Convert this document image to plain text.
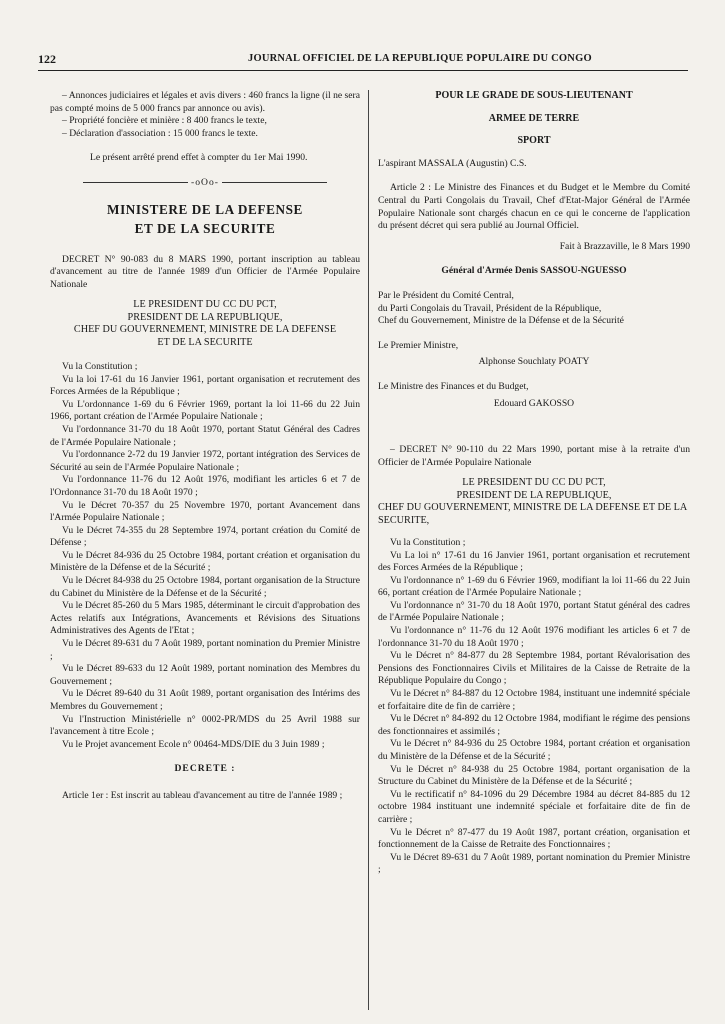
122	JOURNAL OFFICIEL DE LA REPUBLIQUE POPULAIRE DU CONGO

– Annonces judiciaires et légales et avis divers : 460 francs la ligne (il ne sera pas compté moins de 5 000 francs par annonce ou avis).

– Propriété foncière et minière : 8 400 francs le texte,

– Déclaration d'association : 15 000 francs le texte.

Le présent arrêté prend effet à compter du 1er Mai 1990.

-oOo-
MINISTERE DE LA DEFENSE
ET DE LA SECURITE

DECRET N° 90-083 du 8 MARS 1990, portant inscription au tableau d'avancement au titre de l'année 1989 d'un Officier de l'Armée Populaire Nationale

LE PRESIDENT DU CC DU PCT,
PRESIDENT DE LA REPUBLIQUE,
CHEF DU GOUVERNEMENT, MINISTRE DE LA DEFENSE
ET DE LA SECURITE

Vu la Constitution ;

Vu la loi 17-61 du 16 Janvier 1961, portant organisation et recrutement des Forces Armées de la République ;

Vu L'ordonnance 1-69 du 6 Février 1969, portant la loi 11-66 du 22 Juin 1966, portant création de l'Armée Populaire Nationale ;

Vu l'ordonnance 31-70 du 18 Août 1970, portant Statut Général des Cadres de l'Armée Populaire Nationale ;

Vu l'ordonnance 2-72 du 19 Janvier 1972, portant intégration des Services de Sécurité au sein de l'Armée Populaire Nationale ;

Vu l'ordonnance 11-76 du 12 Août 1976, modifiant les articles 6 et 7 de l'Ordonnance 31-70 du 18 Août 1970 ;

Vu le Décret 70-357 du 25 Novembre 1970, portant Avancement dans l'Armée Populaire Nationale ;

Vu le Décret 74-355 du 28 Septembre 1974, portant création du Comité de Défense ;

Vu le Décret 84-936 du 25 Octobre 1984, portant création et organisation du Ministère de la Défense et de la Sécurité ;

Vu le Décret 84-938 du 25 Octobre 1984, portant organisation de la Structure du Cabinet du Ministère de la Défense et de la Sécurité ;

Vu le Décret 85-260 du 5 Mars 1985, déterminant le circuit d'approbation des Actes relatifs aux Intégrations, Avancements et Révisions des Situations Administratives des Agents de l'Etat ;

Vu le Décret 89-631 du 7 Août 1989, portant nomination du Premier Ministre ;

Vu le Décret 89-633 du 12 Août 1989, portant nomination des Membres du Gouvernement ;

Vu le Décret 89-640 du 31 Août 1989, portant organisation des Intérims des Membres du Gouvernement ;

Vu l'Instruction Ministérielle n° 0002-PR/MDS du 25 Avril 1988 sur l'avancement à titre Ecole ;

Vu le Projet avancement Ecole n° 00464-MDS/DIE du 3 Juin 1989 ;

DECRETE :

Article 1er : Est inscrit au tableau d'avancement au titre de l'année 1989 ;

POUR LE GRADE DE SOUS-LIEUTENANT
ARMEE DE TERRE
SPORT

L'aspirant MASSALA (Augustin) C.S.

Article 2 : Le Ministre des Finances et du Budget et le Membre du Comité Central du Parti Congolais du Travail, Chef d'Etat-Major Général de l'Armée Populaire Nationale sont chargés chacun en ce qui le concerne de l'application du présent décret qui sera publié au Journal Officiel.

Fait à Brazzaville, le 8 Mars 1990

Général d'Armée Denis SASSOU-NGUESSO

Par le Président du Comité Central,

du Parti Congolais du Travail, Président de la République,

Chef du Gouvernement, Ministre de la Défense et de la Sécurité

Le Premier Ministre,

Alphonse Souchlaty POATY

Le Ministre des Finances et du Budget,

Edouard GAKOSSO

– DECRET N° 90-110 du 22 Mars 1990, portant mise à la retraite d'un Officier de l'Armée Populaire Nationale

LE PRESIDENT DU CC DU PCT,
PRESIDENT DE LA REPUBLIQUE,
CHEF DU GOUVERNEMENT, MINISTRE DE LA DEFENSE ET DE LA SECURITE,

Vu la Constitution ;

Vu La loi n° 17-61 du 16 Janvier 1961, portant organisation et recrutement des Forces Armées de la République ;

Vu l'ordonnance n° 1-69 du 6 Février 1969, modifiant la loi 11-66 du 22 Juin 66, portant création de l'Armée Populaire Nationale ;

Vu l'ordonnance n° 31-70 du 18 Août 1970, portant Statut général des cadres de l'Armée Populaire Nationale ;

Vu l'ordonnance n° 11-76 du 12 Août 1976 modifiant les articles 6 et 7 de l'ordonnance 31-70 du 18 Août 1970 ;

Vu le Décret n° 84-877 du 28 Septembre 1984, portant Révalorisation des Pensions des Fonctionnaires Civils et Militaires de la Caisse de Retraite de la République Populaire du Congo ;

Vu le Décret n° 84-887 du 12 Octobre 1984, instituant une indemnité spéciale et forfaitaire dite de fin de carrière ;

Vu le Décret n° 84-892 du 12 Octobre 1984, modifiant le régime des pensions des fonctionnaires et assimilés ;

Vu le Décret n° 84-936 du 25 Octobre 1984, portant création et organisation du Ministère de la Défense et de la Sécurité ;

Vu le Décret n° 84-938 du 25 Octobre 1984, portant organisation de la Structure du Cabinet du Ministère de la Défense et de la Sécurité ;

Vu le rectificatif n° 84-1096 du 29 Décembre 1984 au décret 84-885 du 12 octobre 1984 instituant une indemnité spéciale et forfaitaire dite de fin de carrière ;

Vu le Décret n° 87-477 du 19 Août 1987, portant création, organisation et fonctionnement de la Caisse de Retraite des Fonctionnaires ;

Vu le Décret 89-631 du 7 Août 1989, portant nomination du Premier Ministre ;
